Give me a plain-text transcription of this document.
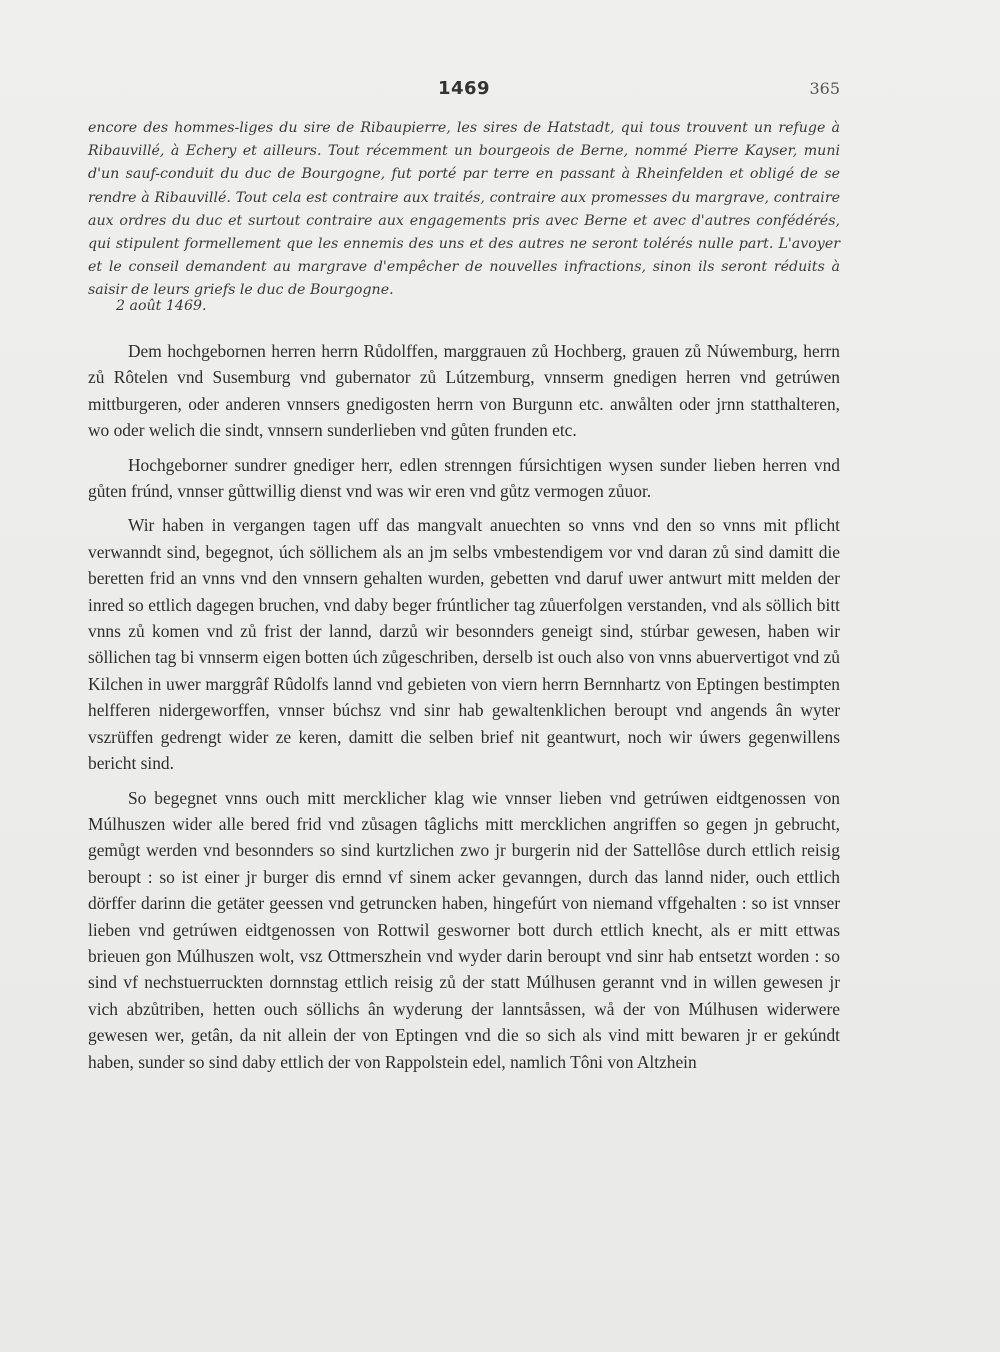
1469	365

encore des hommes-liges du sire de Ribaupierre, les sires de Hatstadt, qui tous trouvent un refuge à Ribauvillé, à Echery et ailleurs. Tout récemment un bourgeois de Berne, nommé Pierre Kayser, muni d'un sauf-conduit du duc de Bourgogne, fut porté par terre en passant à Rheinfelden et obligé de se rendre à Ribauvillé. Tout cela est contraire aux traités, contraire aux promesses du margrave, contraire aux ordres du duc et surtout contraire aux engagements pris avec Berne et avec d'autres confédérés, qui stipulent formellement que les ennemis des uns et des autres ne seront tolérés nulle part. L'avoyer et le conseil demandent au margrave d'empêcher de nouvelles infractions, sinon ils seront réduits à saisir de leurs griefs le duc de Bourgogne.

2 août 1469.

Dem hochgebornen herren herrn Růdolffen, marggrauen zů Hochberg, grauen zů Núwemburg, herrn zů Rôtelen vnd Susemburg vnd gubernator zů Lútzemburg, vnnserm gnedigen herren vnd getrúwen mittburgeren, oder anderen vnnsers gnedigosten herrn von Burgunn etc. anwålten oder jrnn statthalteren, wo oder welich die sindt, vnnsern sunderlieben vnd gůten frunden etc.

Hochgeborner sundrer gnediger herr, edlen strenngen fúrsichtigen wysen sunder lieben herren vnd gůten frúnd, vnnser gůttwillig dienst vnd was wir eren vnd gůtz vermogen zůuor.

Wir haben in vergangen tagen uff das mangvalt anuechten so vnns vnd den so vnns mit pflicht verwanndt sind, begegnot, úch söllichem als an jm selbs vmbestendigem vor vnd daran zů sind damitt die beretten frid an vnns vnd den vnnsern gehalten wurden, gebetten vnd daruf uwer antwurt mitt melden der inred so ettlich dagegen bruchen, vnd daby beger frúntlicher tag zůuerfolgen verstanden, vnd als söllich bitt vnns zů komen vnd zů frist der lannd, darzů wir besonnders geneigt sind, stúrbar gewesen, haben wir söllichen tag bi vnnserm eigen botten úch zůgeschriben, derselb ist ouch also von vnns abuervertigot vnd zů Kilchen in uwer marggrâf Rûdolfs lannd vnd gebieten von viern herrn Bernnhartz von Eptingen bestimpten helfferen nidergeworffen, vnnser búchsz vnd sinr hab gewaltenklichen beroupt vnd angends ân wyter vszrüffen gedrengt wider ze keren, damitt die selben brief nit geantwurt, noch wir úwers gegenwillens bericht sind.

So begegnet vnns ouch mitt mercklicher klag wie vnnser lieben vnd getrúwen eidtgenossen von Múlhuszen wider alle bered frid vnd zůsagen tâglichs mitt mercklichen angriffen so gegen jn gebrucht, gemůgt werden vnd besonnders so sind kurtzlichen zwo jr burgerin nid der Sattellôse durch ettlich reisig beroupt : so ist einer jr burger dis ernnd vf sinem acker gevanngen, durch das lannd nider, ouch ettlich dörffer darinn die getäter geessen vnd getruncken haben, hingefúrt von niemand vffgehalten : so ist vnnser lieben vnd getrúwen eidtgenossen von Rottwil gesworner bott durch ettlich knecht, als er mitt ettwas brieuen gon Múlhuszen wolt, vsz Ottmerszhein vnd wyder darin beroupt vnd sinr hab entsetzt worden : so sind vf nechstuerruckten dornnstag ettlich reisig zů der statt Múlhusen gerannt vnd in willen gewesen jr vich abzůtriben, hetten ouch söllichs ân wyderung der lanntsåssen, wå der von Múlhusen widerwere gewesen wer, getân, da nit allein der von Eptingen vnd die so sich als vind mitt bewaren jr er gekúndt haben, sunder so sind daby ettlich der von Rappolstein edel, namlich Tôni von Altzhein
